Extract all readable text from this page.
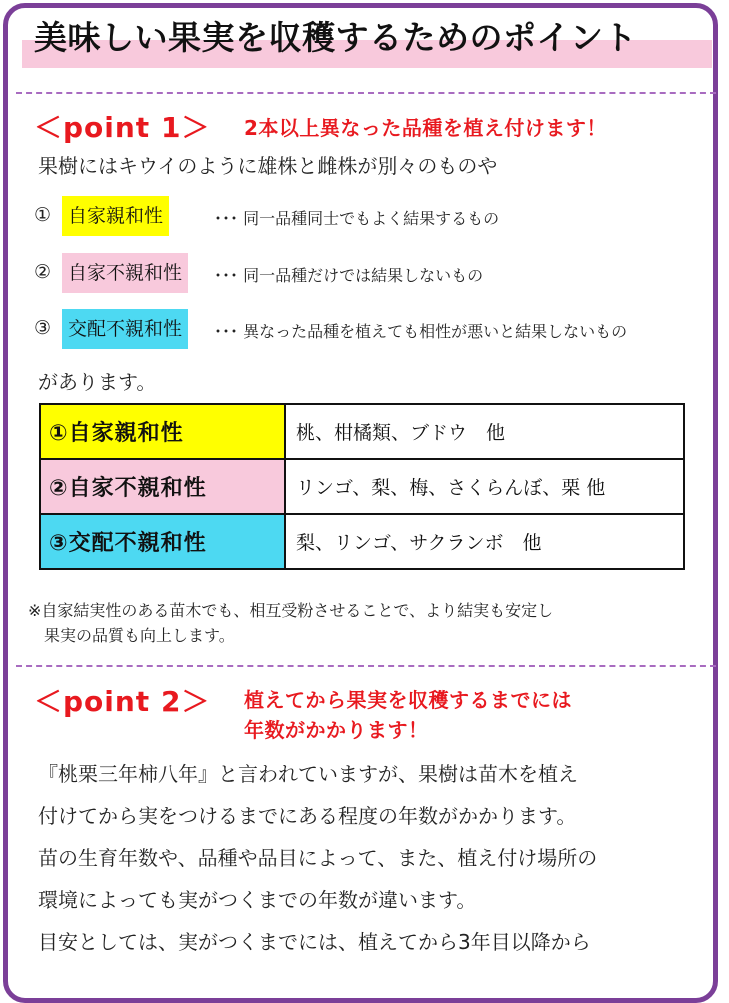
美味しい果実を収穫するためのポイント
＜point 1＞ 2本以上異なった品種を植え付けます！
果樹にはキウイのように雄株と雌株が別々のものや
① 自家親和性	･･･ 同一品種同士でもよく結果するもの
② 自家不親和性	･･･ 同一品種だけでは結果しないもの
③ 交配不親和性	･･･ 異なった品種を植えても相性が悪いと結果しないもの
があります。
①自家親和性	桃、柑橘類、ブドウ　他
②自家不親和性	リンゴ、梨、梅、さくらんぼ、栗 他
③交配不親和性	梨、リンゴ、サクランボ　他
※自家結実性のある苗木でも、相互受粉させることで、より結実も安定し
果実の品質も向上します。
＜point 2＞ 植えてから果実を収穫するまでには
年数がかかります！
『桃栗三年柿八年』と言われていますが、果樹は苗木を植え
付けてから実をつけるまでにある程度の年数がかかります。
苗の生育年数や、品種や品目によって、また、植え付け場所の
環境によっても実がつくまでの年数が違います。
目安としては、実がつくまでには、植えてから3年目以降から
